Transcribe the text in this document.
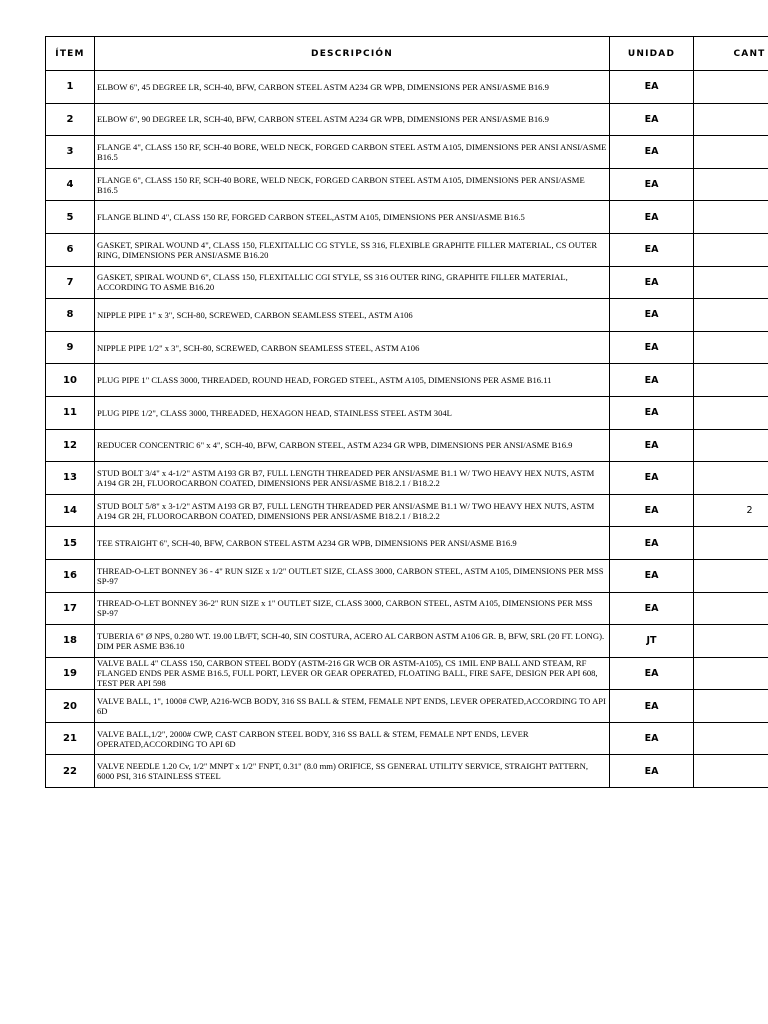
ÍTEM	DESCRIPCIÓN	UNIDAD	CANT
1	ELBOW 6", 45 DEGREE LR, SCH-40, BFW, CARBON STEEL ASTM A234 GR WPB, DIMENSIONS PER ANSI/ASME B16.9	EA	
2	ELBOW 6", 90 DEGREE LR, SCH-40, BFW, CARBON STEEL ASTM A234 GR WPB, DIMENSIONS PER ANSI/ASME B16.9	EA	
3	FLANGE 4", CLASS 150 RF, SCH-40 BORE, WELD NECK, FORGED CARBON STEEL ASTM A105, DIMENSIONS PER ANSI ANSI/ASME B16.5	EA	
4	FLANGE 6", CLASS 150 RF, SCH-40 BORE, WELD NECK, FORGED CARBON STEEL ASTM A105, DIMENSIONS PER ANSI/ASME B16.5	EA	
5	FLANGE BLIND 4", CLASS 150 RF, FORGED CARBON STEEL,ASTM A105, DIMENSIONS PER ANSI/ASME B16.5	EA	
6	GASKET, SPIRAL WOUND 4", CLASS 150, FLEXITALLIC CG STYLE, SS 316, FLEXIBLE GRAPHITE FILLER MATERIAL, CS OUTER RING, DIMENSIONS PER ANSI/ASME B16.20	EA	
7	GASKET, SPIRAL WOUND 6", CLASS 150, FLEXITALLIC CGI STYLE, SS 316 OUTER RING, GRAPHITE FILLER MATERIAL, ACCORDING TO ASME B16.20	EA	
8	NIPPLE PIPE 1" x 3", SCH-80, SCREWED, CARBON SEAMLESS STEEL, ASTM A106	EA	
9	NIPPLE PIPE 1/2" x 3", SCH-80, SCREWED, CARBON SEAMLESS STEEL, ASTM A106	EA	
10	PLUG PIPE 1" CLASS 3000, THREADED, ROUND HEAD, FORGED STEEL, ASTM A105, DIMENSIONS PER ASME B16.11	EA	
11	PLUG PIPE 1/2", CLASS 3000, THREADED, HEXAGON HEAD, STAINLESS STEEL ASTM 304L	EA	
12	REDUCER CONCENTRIC 6" x 4", SCH-40, BFW, CARBON STEEL, ASTM A234 GR WPB, DIMENSIONS PER ANSI/ASME B16.9	EA	
13	STUD BOLT 3/4" x 4-1/2" ASTM A193 GR B7, FULL LENGTH THREADED PER ANSI/ASME B1.1 W/ TWO HEAVY HEX NUTS, ASTM A194 GR 2H, FLUOROCARBON COATED, DIMENSIONS PER ANSI/ASME B18.2.1 / B18.2.2	EA	
14	STUD BOLT 5/8" x 3-1/2" ASTM A193 GR B7, FULL LENGTH THREADED PER ANSI/ASME B1.1 W/ TWO HEAVY HEX NUTS, ASTM A194 GR 2H, FLUOROCARBON COATED, DIMENSIONS PER ANSI/ASME B18.2.1 / B18.2.2	EA	2
15	TEE STRAIGHT 6", SCH-40, BFW, CARBON STEEL ASTM A234 GR WPB, DIMENSIONS PER ANSI/ASME B16.9	EA	
16	THREAD-O-LET BONNEY 36 - 4" RUN SIZE x 1/2" OUTLET SIZE, CLASS 3000, CARBON STEEL, ASTM A105, DIMENSIONS PER MSS SP-97	EA	
17	THREAD-O-LET BONNEY 36-2" RUN SIZE x 1" OUTLET SIZE, CLASS 3000, CARBON STEEL, ASTM A105, DIMENSIONS PER MSS SP-97	EA	
18	TUBERIA 6" Ø NPS, 0.280 WT. 19.00 LB/FT, SCH-40, SIN COSTURA, ACERO AL CARBON ASTM A106 GR. B, BFW, SRL (20 FT. LONG). DIM PER ASME B36.10	JT	
19	VALVE BALL 4" CLASS 150, CARBON STEEL BODY (ASTM-216 GR WCB OR ASTM-A105), CS 1MIL ENP BALL AND STEAM, RF FLANGED ENDS PER ASME B16.5, FULL PORT, LEVER OR GEAR OPERATED, FLOATING BALL, FIRE SAFE, DESIGN PER API 608, TEST PER API 598	EA	
20	VALVE BALL, 1", 1000# CWP, A216-WCB BODY, 316 SS BALL & STEM, FEMALE NPT ENDS, LEVER OPERATED,ACCORDING TO API 6D	EA	
21	VALVE BALL,1/2", 2000# CWP, CAST CARBON STEEL BODY, 316 SS BALL & STEM, FEMALE NPT ENDS, LEVER OPERATED,ACCORDING TO API 6D	EA	
22	VALVE NEEDLE 1.20 Cv, 1/2" MNPT x 1/2" FNPT, 0.31" (8.0 mm) ORIFICE, SS GENERAL UTILITY SERVICE, STRAIGHT PATTERN, 6000 PSI, 316 STAINLESS STEEL	EA	
